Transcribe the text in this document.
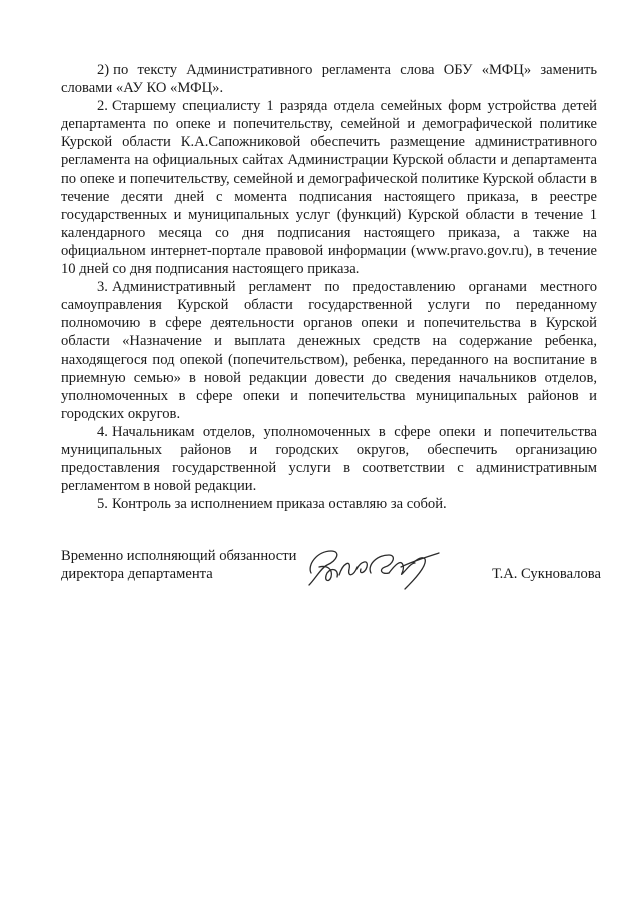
2) по тексту Административного регламента слова ОБУ «МФЦ» заменить словами «АУ КО «МФЦ».

2. Старшему специалисту 1 разряда отдела семейных форм устройства детей департамента по опеке и попечительству, семейной и демографической политике Курской области К.А.Сапожниковой обеспечить размещение административного регламента на официальных сайтах Администрации Курской области и департамента по опеке и попечительству, семейной и демографической политике Курской области в течение десяти дней с момента подписания настоящего приказа, в реестре государственных и муниципальных услуг (функций) Курской области в течение 1 календарного месяца со дня подписания настоящего приказа, а также на официальном интернет-портале правовой информации (www.pravo.gov.ru), в течение 10 дней со дня подписания настоящего приказа.

3. Административный регламент по предоставлению органами местного самоуправления Курской области государственной услуги по переданному полномочию в сфере деятельности органов опеки и попечительства в Курской области «Назначение и выплата денежных средств на содержание ребенка, находящегося под опекой (попечительством), ребенка, переданного на воспитание в приемную семью» в новой редакции довести до сведения начальников отделов, уполномоченных в сфере опеки и попечительства муниципальных районов и городских округов.

4. Начальникам отделов, уполномоченных в сфере опеки и попечительства муниципальных районов и городских округов, обеспечить организацию предоставления государственной услуги в соответствии с административным регламентом в новой редакции.

5. Контроль за исполнением приказа оставляю за собой.

Временно исполняющий обязанности
директора департамента	Т.А. Сукновалова
